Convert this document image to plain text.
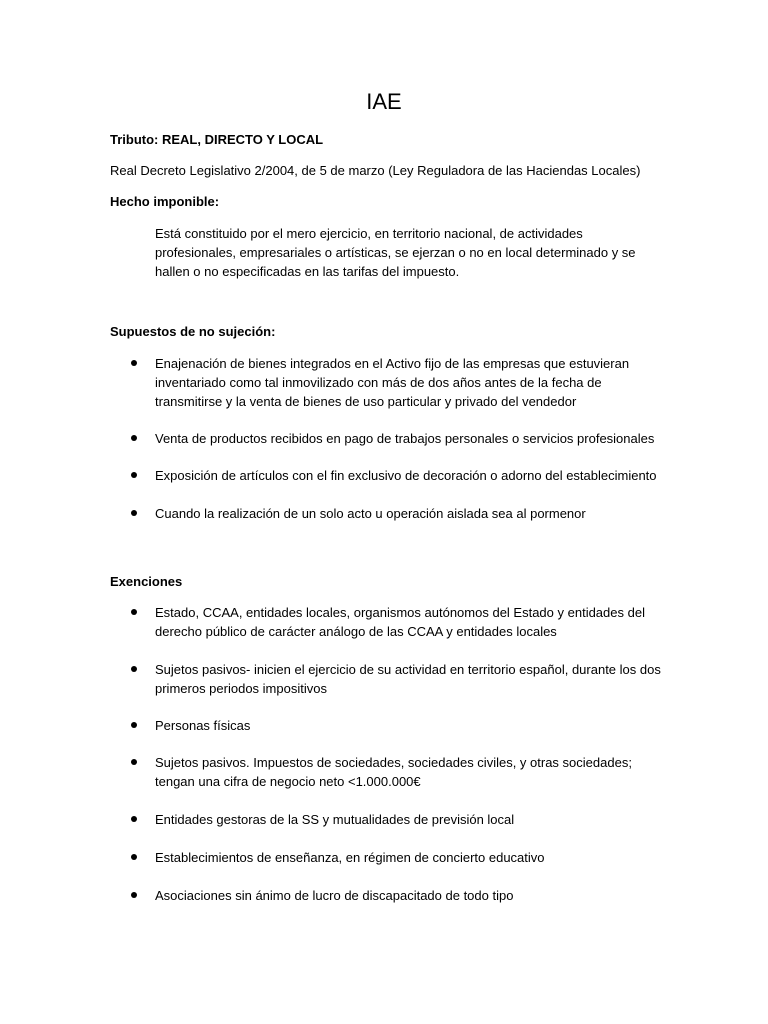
IAE
Tributo: REAL, DIRECTO Y LOCAL
Real Decreto Legislativo 2/2004, de 5 de marzo (Ley Reguladora de las Haciendas Locales)
Hecho imponible:
Está constituido por el mero ejercicio, en territorio nacional, de actividades profesionales, empresariales o artísticas, se ejerzan o no en local determinado y se hallen o no especificadas en las tarifas del impuesto.
Supuestos de no sujeción:
Enajenación de bienes integrados en el Activo fijo de las empresas que estuvieran inventariado como tal inmovilizado con más de dos años antes de la fecha de transmitirse y la venta de bienes de uso particular y privado del vendedor
Venta de productos recibidos en pago de trabajos personales o servicios profesionales
Exposición de artículos con el fin exclusivo de decoración o adorno del establecimiento
Cuando la realización de un solo acto u operación aislada sea al pormenor
Exenciones
Estado, CCAA, entidades locales, organismos autónomos del Estado y entidades del derecho público de carácter análogo de las CCAA y entidades locales
Sujetos pasivos- inicien el ejercicio de su actividad en territorio español, durante los dos primeros periodos impositivos
Personas físicas
Sujetos pasivos. Impuestos de sociedades, sociedades civiles, y otras sociedades; tengan una cifra de negocio neto <1.000.000€
Entidades gestoras de la SS y mutualidades de previsión local
Establecimientos de enseñanza, en régimen de concierto educativo
Asociaciones sin ánimo de lucro de discapacitado de todo tipo
